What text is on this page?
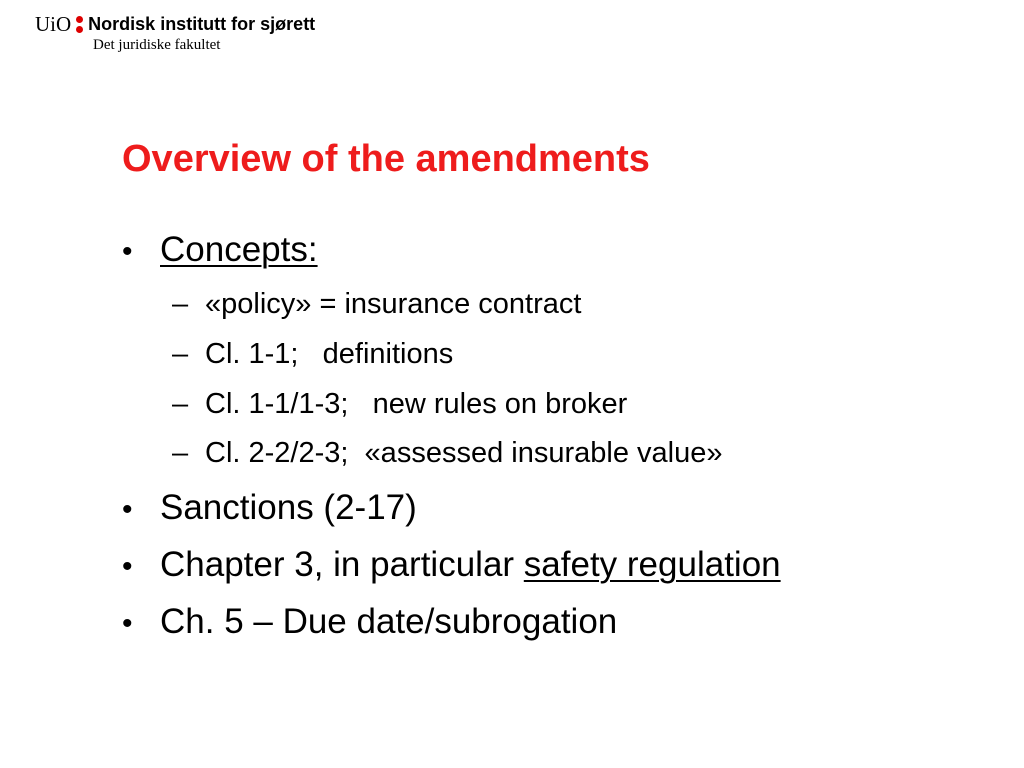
UiO Nordisk institutt for sjørett
Det juridiske fakultet
Overview of the amendments
• Concepts:
– «policy» = insurance contract
– Cl. 1-1;   definitions
– Cl. 1-1/1-3;   new rules on broker
– Cl. 2-2/2-3;  «assessed insurable value»
• Sanctions (2-17)
• Chapter 3, in particular safety regulation
• Ch. 5 – Due date/subrogation
